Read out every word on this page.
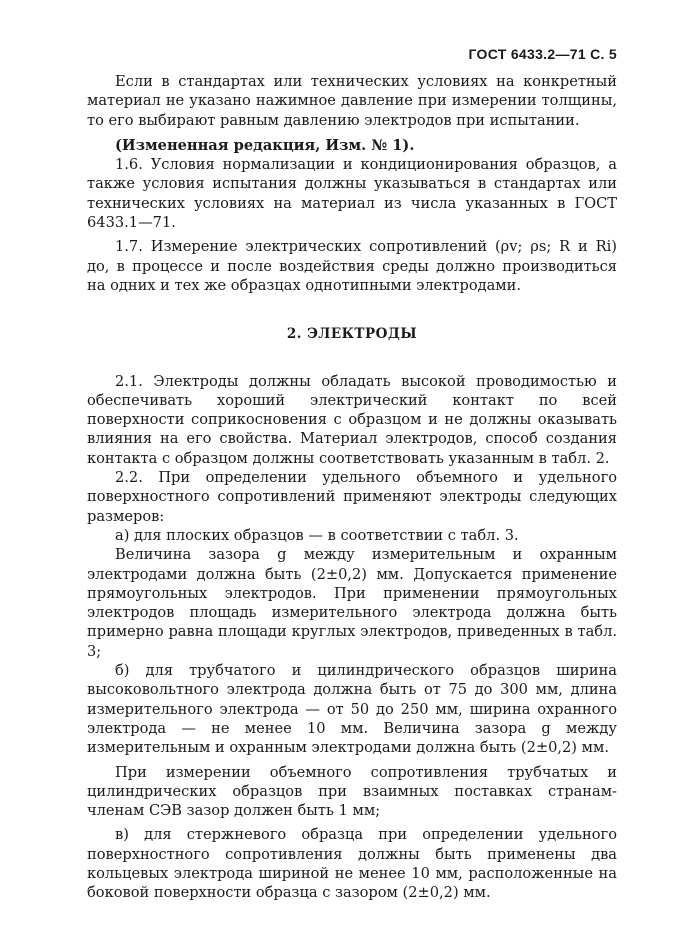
ГОСТ 6433.2—71 С. 5

Если в стандартах или технических условиях на конкретный материал не указано нажимное давление при измерении толщины, то его выбирают равным давлению электродов при испытании.

(Измененная редакция, Изм. № 1).

1.6. Условия нормализации и кондиционирования образцов, а также условия испытания должны указываться в стандартах или технических условиях на материал из числа указанных в ГОСТ 6433.1—71.

1.7. Измерение электрических сопротивлений (ρv; ρs; R и Ri) до, в процессе и после воздействия среды должно производиться на одних и тех же образцах однотипными электродами.

2. ЭЛЕКТРОДЫ

2.1. Электроды должны обладать высокой проводимостью и обеспечивать хороший электрический контакт по всей поверхности соприкосновения с образцом и не должны оказывать влияния на его свойства. Материал электродов, способ создания контакта с образцом должны соответствовать указанным в табл. 2.

2.2. При определении удельного объемного и удельного поверхностного сопротивлений применяют электроды следующих размеров:

а) для плоских образцов — в соответствии с табл. 3.

Величина зазора g между измерительным и охранным электродами должна быть (2±0,2) мм. Допускается применение прямоугольных электродов. При применении прямоугольных электродов площадь измерительного электрода должна быть примерно равна площади круглых электродов, приведенных в табл. 3;

б) для трубчатого и цилиндрического образцов ширина высоковольтного электрода должна быть от 75 до 300 мм, длина измерительного электрода — от 50 до 250 мм, ширина охранного электрода — не менее 10 мм. Величина зазора g между измерительным и охранным электродами должна быть (2±0,2) мм.

При измерении объемного сопротивления трубчатых и цилиндрических образцов при взаимных поставках странам-членам СЭВ зазор должен быть 1 мм;

в) для стержневого образца при определении удельного поверхностного сопротивления должны быть применены два кольцевых электрода шириной не менее 10 мм, расположенные на боковой поверхности образца с зазором (2±0,2) мм.
